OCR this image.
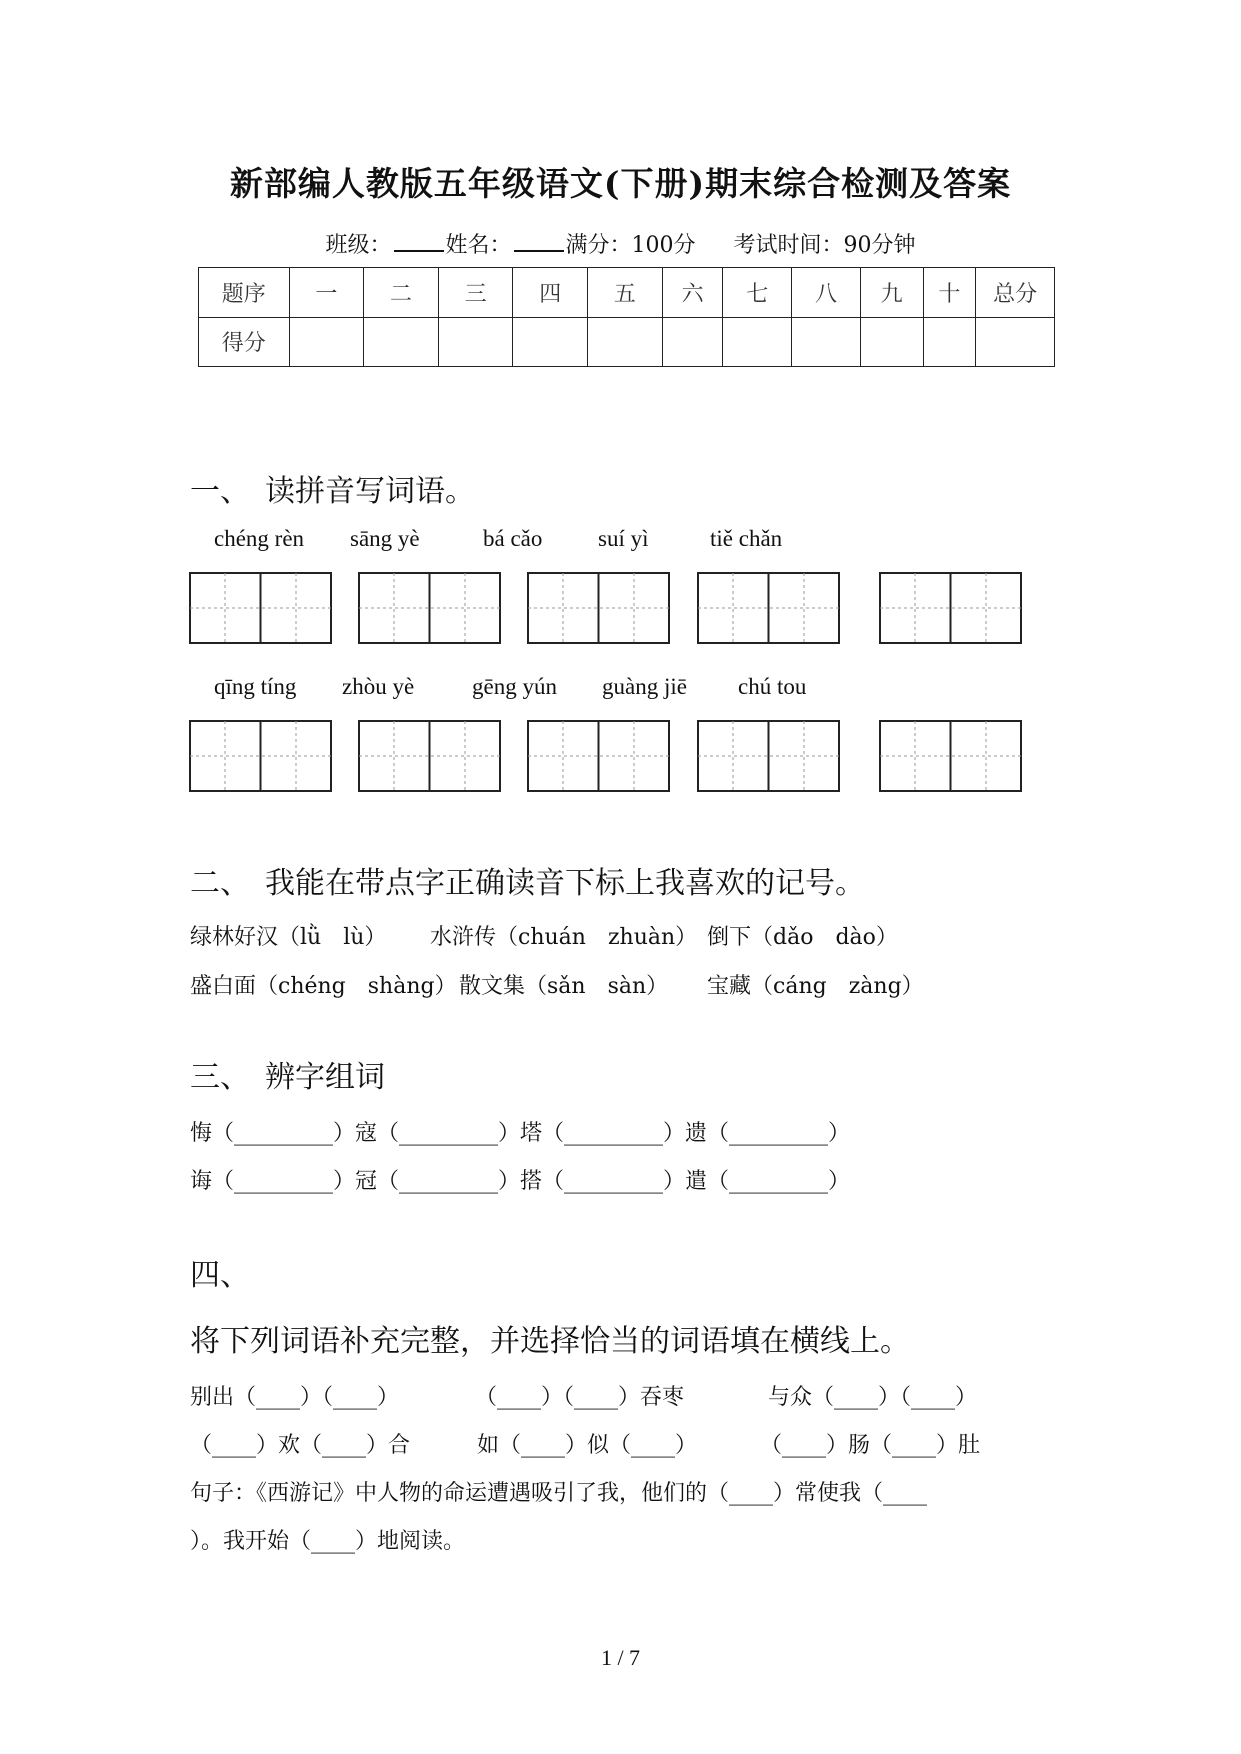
新部编人教版五年级语文(下册)期末综合检测及答案
班级： 姓名： 满分：100分 考试时间：90分钟
题序	一	二	三	四	五	六	七	八	九	十	总分
得分											
一、　读拼音写词语。
chéng rèn sāng yè	bá cǎo suí yì	tiě chǎn
qīng tíng zhòu yè	gēng yún guàng jiē chú tou
二、　我能在带点字正确读音下标上我喜欢的记号。
绿林好汉（lǜ　lù） 水浒传（chuán　zhuàn） 倒下（dǎo　dào）
盛白面（chéng　shàng） 散文集（sǎn　sàn） 宝藏（cáng　zàng）
三、　辨字组词
悔（_________）寇（_________）塔（_________）遗（_________）
诲（_________）冠（_________）搭（_________）遣（_________）
四、
将下列词语补充完整，并选择恰当的词语填在横线上。
别出（____）（____）	（____）（____）吞枣	与众（____）（____）
（____）欢（____）合	如（____）似（____）	（____）肠（____）肚
句子：《西游记》中人物的命运遭遇吸引了我，他们的（____）常使我（____
）。我开始（____）地阅读。
1 / 7
